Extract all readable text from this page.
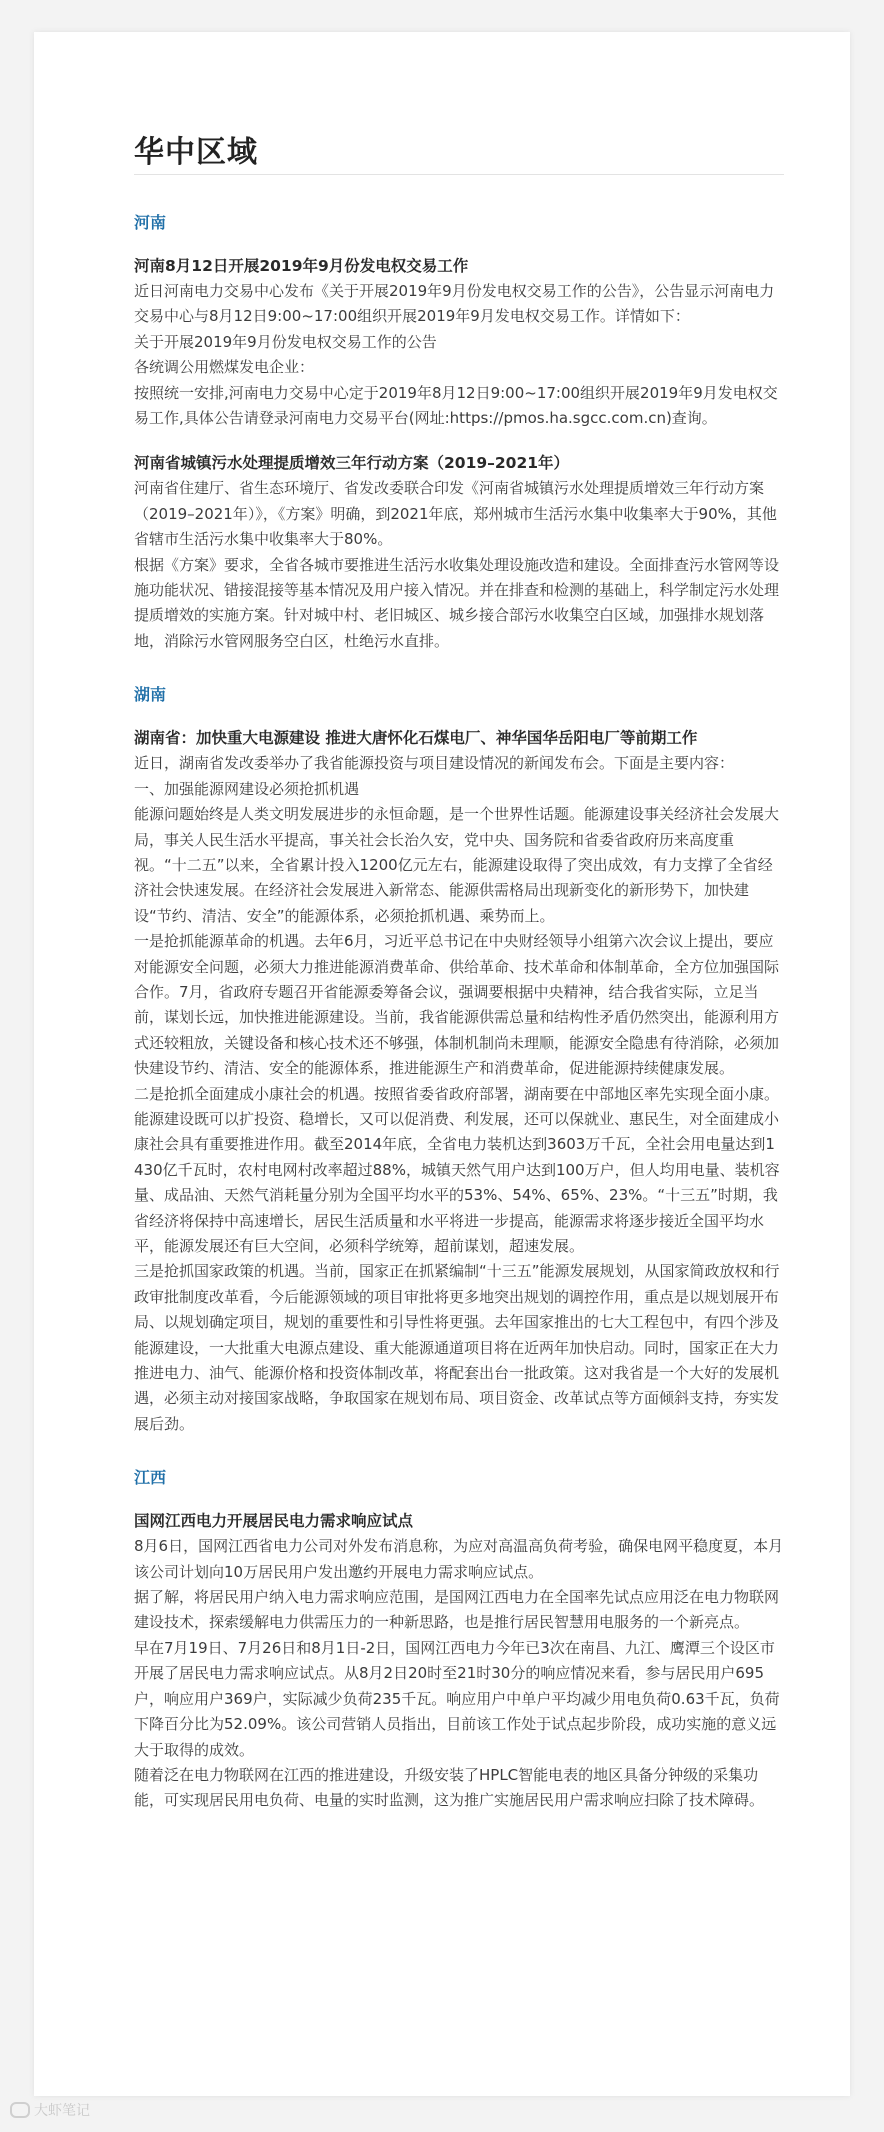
华中区域
河南
河南8月12日开展2019年9月份发电权交易工作

近日河南电力交易中心发布《关于开展2019年9月份发电权交易工作的公告》，公告显示河南电力交易中心与8月12日9:00~17:00组织开展2019年9月发电权交易工作。详情如下：

关于开展2019年9月份发电权交易工作的公告

各统调公用燃煤发电企业：

按照统一安排,河南电力交易中心定于2019年8月12日9:00~17:00组织开展2019年9月发电权交易工作,具体公告请登录河南电力交易平台(网址:https://pmos.ha.sgcc.com.cn)查询。

河南省城镇污水处理提质增效三年行动方案（2019–2021年）

河南省住建厅、省生态环境厅、省发改委联合印发《河南省城镇污水处理提质增效三年行动方案（2019–2021年）》，《方案》明确，到2021年底，郑州城市生活污水集中收集率大于90%，其他省辖市生活污水集中收集率大于80%。

根据《方案》要求，全省各城市要推进生活污水收集处理设施改造和建设。全面排查污水管网等设施功能状况、错接混接等基本情况及用户接入情况。并在排查和检测的基础上，科学制定污水处理提质增效的实施方案。针对城中村、老旧城区、城乡接合部污水收集空白区域，加强排水规划落地，消除污水管网服务空白区，杜绝污水直排。

湖南
湖南省：加快重大电源建设 推进大唐怀化石煤电厂、神华国华岳阳电厂等前期工作

近日，湖南省发改委举办了我省能源投资与项目建设情况的新闻发布会。下面是主要内容：

一、加强能源网建设必须抢抓机遇

能源问题始终是人类文明发展进步的永恒命题，是一个世界性话题。能源建设事关经济社会发展大局，事关人民生活水平提高，事关社会长治久安，党中央、国务院和省委省政府历来高度重视。“十二五”以来，全省累计投入1200亿元左右，能源建设取得了突出成效，有力支撑了全省经济社会快速发展。在经济社会发展进入新常态、能源供需格局出现新变化的新形势下，加快建设“节约、清洁、安全”的能源体系，必须抢抓机遇、乘势而上。

一是抢抓能源革命的机遇。去年6月，习近平总书记在中央财经领导小组第六次会议上提出，要应对能源安全问题，必须大力推进能源消费革命、供给革命、技术革命和体制革命，全方位加强国际合作。7月，省政府专题召开省能源委筹备会议，强调要根据中央精神，结合我省实际，立足当前，谋划长远，加快推进能源建设。当前，我省能源供需总量和结构性矛盾仍然突出，能源利用方式还较粗放，关键设备和核心技术还不够强，体制机制尚未理顺，能源安全隐患有待消除，必须加快建设节约、清洁、安全的能源体系，推进能源生产和消费革命，促进能源持续健康发展。

二是抢抓全面建成小康社会的机遇。按照省委省政府部署，湖南要在中部地区率先实现全面小康。能源建设既可以扩投资、稳增长，又可以促消费、利发展，还可以保就业、惠民生，对全面建成小康社会具有重要推进作用。截至2014年底，全省电力装机达到3603万千瓦，全社会用电量达到1430亿千瓦时，农村电网村改率超过88%，城镇天然气用户达到100万户，但人均用电量、装机容量、成品油、天然气消耗量分别为全国平均水平的53%、54%、65%、23%。“十三五”时期，我省经济将保持中高速增长，居民生活质量和水平将进一步提高，能源需求将逐步接近全国平均水平，能源发展还有巨大空间，必须科学统筹，超前谋划，超速发展。

三是抢抓国家政策的机遇。当前，国家正在抓紧编制“十三五”能源发展规划，从国家简政放权和行政审批制度改革看，今后能源领域的项目审批将更多地突出规划的调控作用，重点是以规划展开布局、以规划确定项目，规划的重要性和引导性将更强。去年国家推出的七大工程包中，有四个涉及能源建设，一大批重大电源点建设、重大能源通道项目将在近两年加快启动。同时，国家正在大力推进电力、油气、能源价格和投资体制改革，将配套出台一批政策。这对我省是一个大好的发展机遇，必须主动对接国家战略，争取国家在规划布局、项目资金、改革试点等方面倾斜支持，夯实发展后劲。

江西
国网江西电力开展居民电力需求响应试点

8月6日，国网江西省电力公司对外发布消息称，为应对高温高负荷考验，确保电网平稳度夏，本月该公司计划向10万居民用户发出邀约开展电力需求响应试点。

据了解，将居民用户纳入电力需求响应范围，是国网江西电力在全国率先试点应用泛在电力物联网建设技术，探索缓解电力供需压力的一种新思路，也是推行居民智慧用电服务的一个新亮点。

早在7月19日、7月26日和8月1日-2日，国网江西电力今年已3次在南昌、九江、鹰潭三个设区市开展了居民电力需求响应试点。从8月2日20时至21时30分的响应情况来看，参与居民用户695户，响应用户369户，实际减少负荷235千瓦。响应用户中单户平均减少用电负荷0.63千瓦，负荷下降百分比为52.09%。该公司营销人员指出，目前该工作处于试点起步阶段，成功实施的意义远大于取得的成效。

随着泛在电力物联网在江西的推进建设，升级安装了HPLC智能电表的地区具备分钟级的采集功能，可实现居民用电负荷、电量的实时监测，这为推广实施居民用户需求响应扫除了技术障碍。

大虾笔记
